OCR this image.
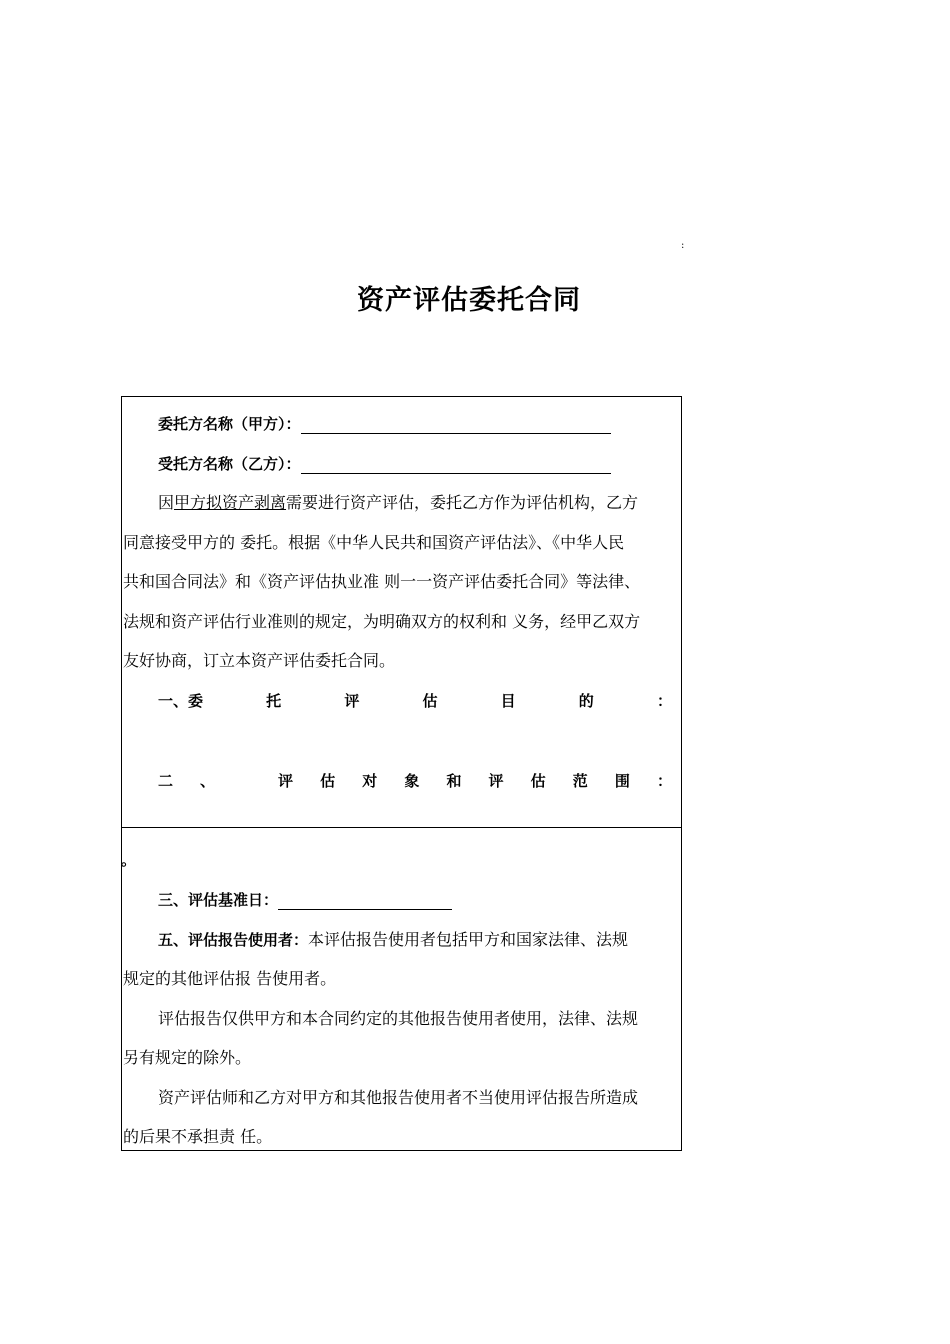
:
资产评估委托合同
委托方名称（甲方）：
受托方名称（乙方）：
因甲方拟资产剥离需要进行资产评估，委托乙方作为评估机构，乙方
同意接受甲方的 委托。根据《中华人民共和国资产评估法》、《中华人民
共和国合同法》和《资产评估执业准 则一一资产评估委托合同》等法律、
法规和资产评估行业准则的规定，为明确双方的权利和 义务，经甲乙双方
友好协商，订立本资产评估委托合同。
一、委	托	评	估	目	的	：
二 、	评 估 对 象 和 评 估 范 围 ：
。
三、评估基准日：
五、评估报告使用者：本评估报告使用者包括甲方和国家法律、法规
规定的其他评估报 告使用者。
评估报告仅供甲方和本合同约定的其他报告使用者使用，法律、法规
另有规定的除外。
资产评估师和乙方对甲方和其他报告使用者不当使用评估报告所造成
的后果不承担责 任。
